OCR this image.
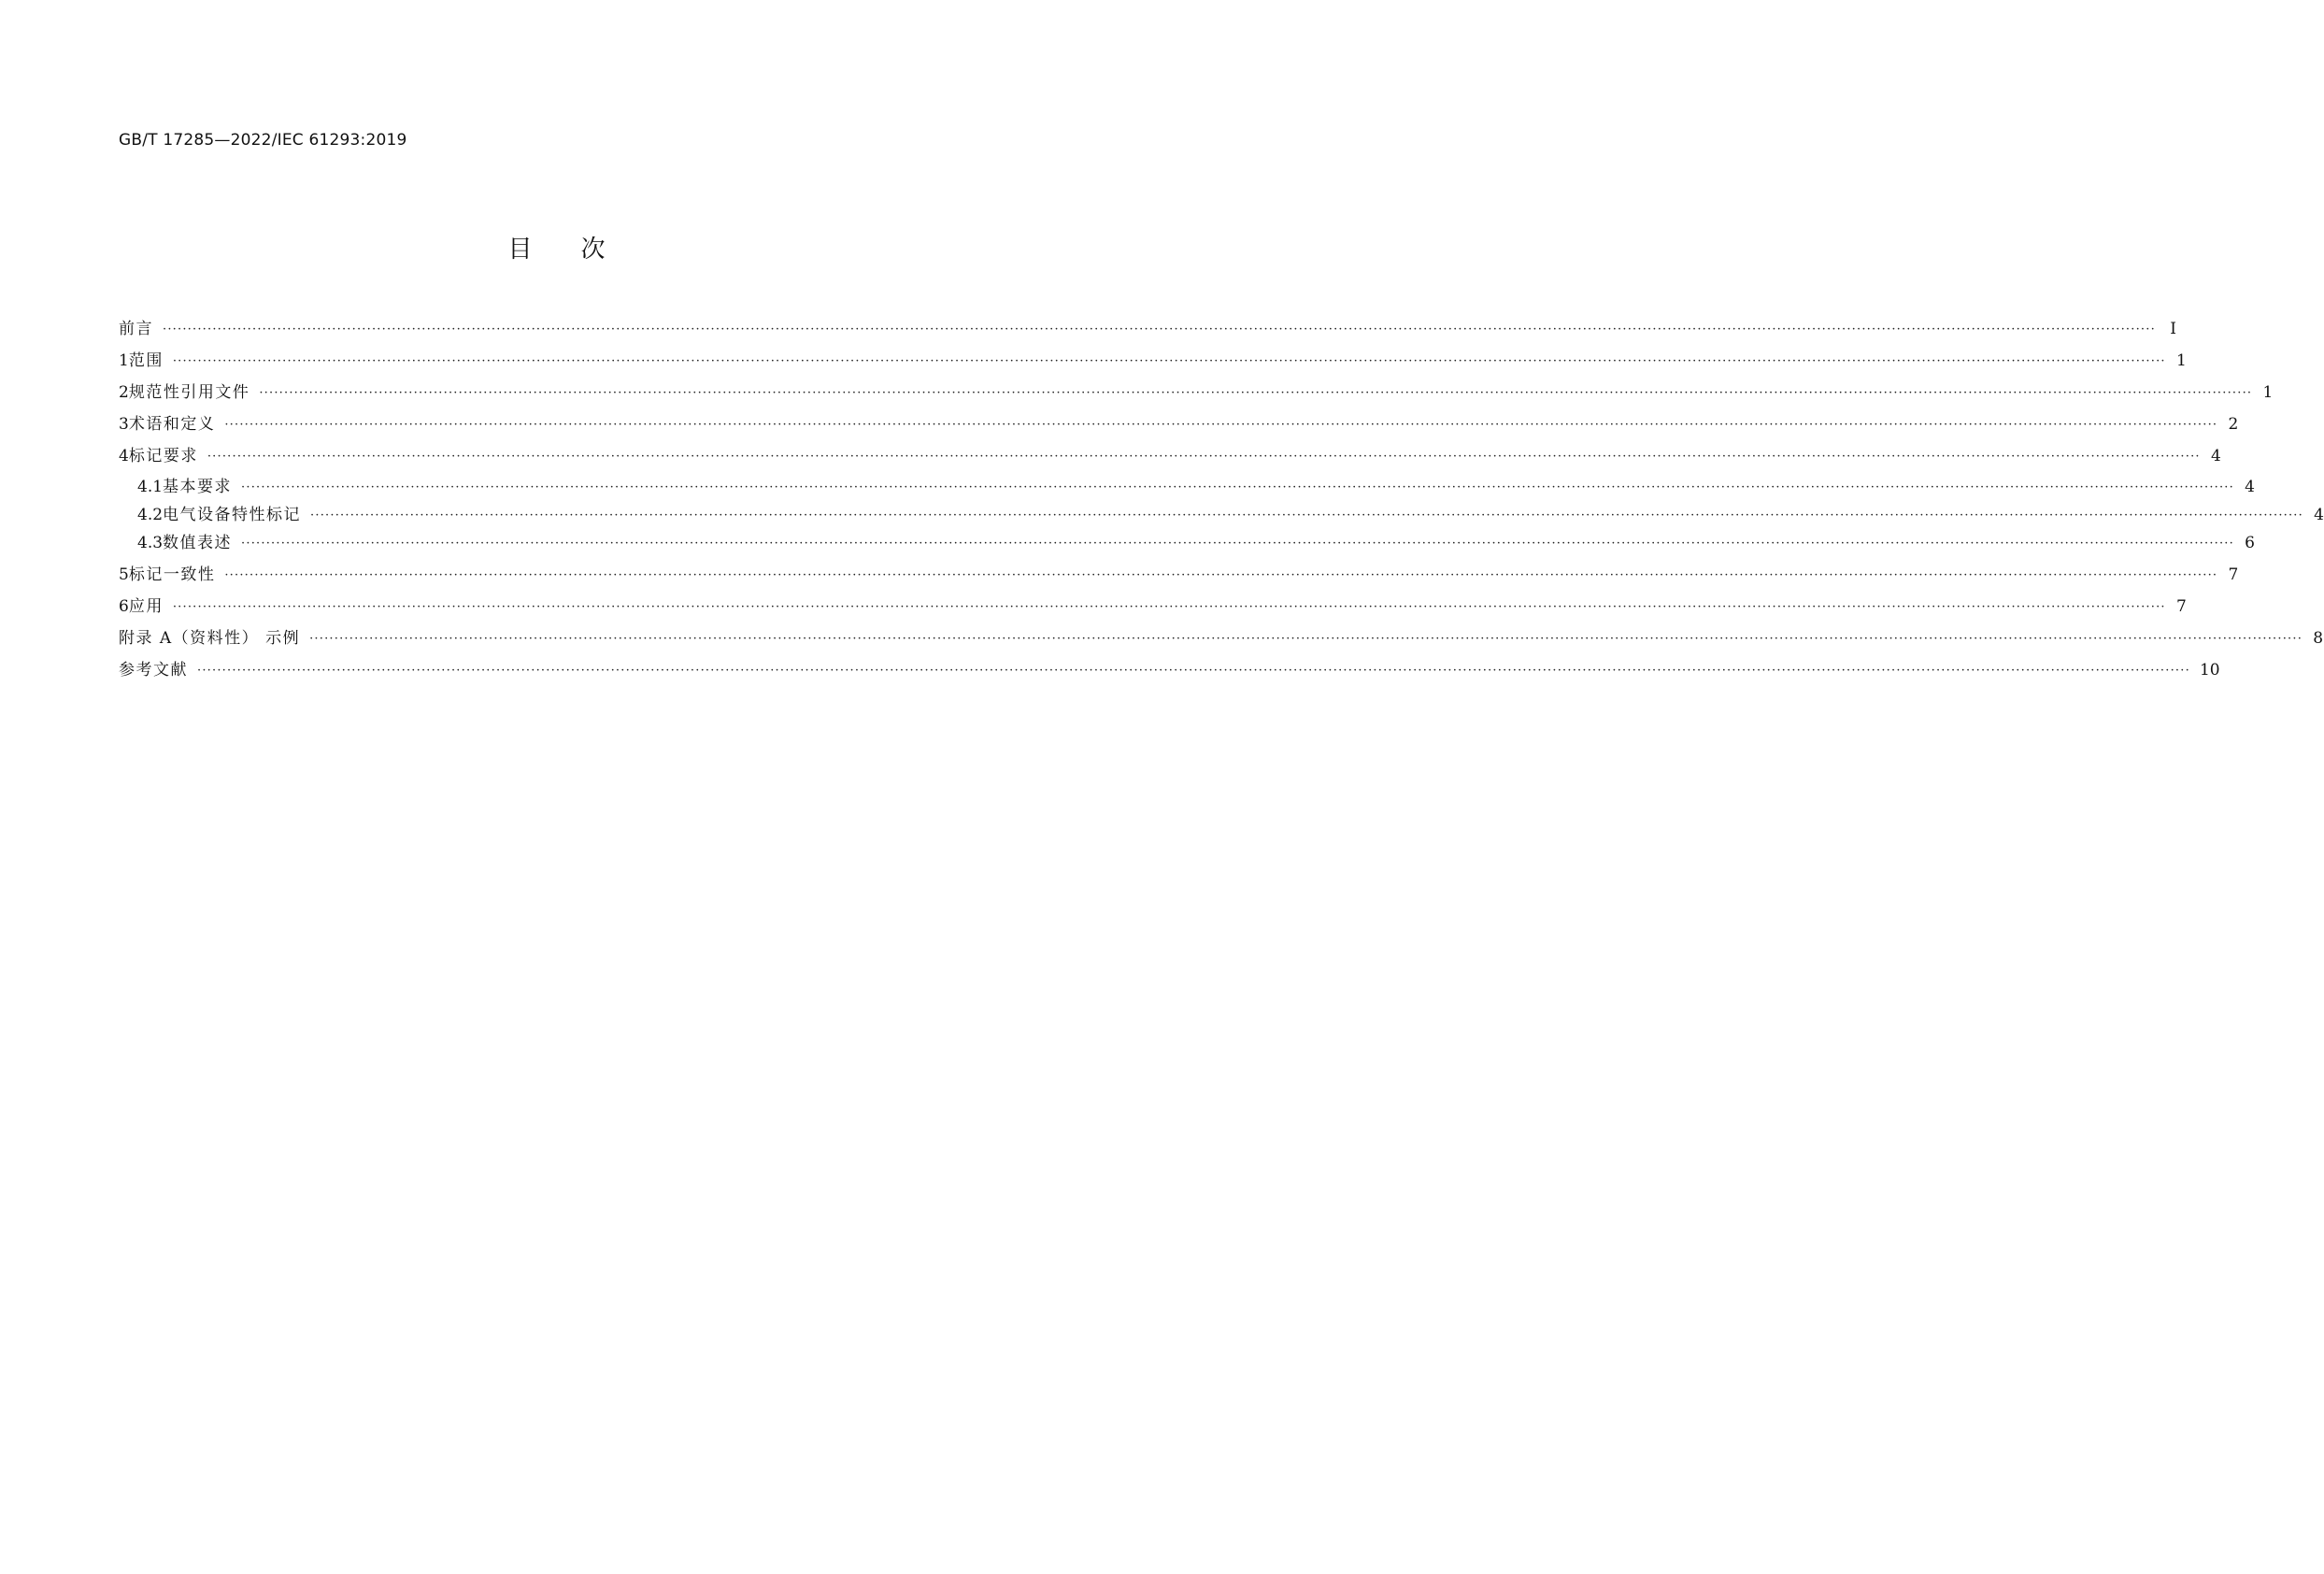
GB/T 17285—2022/IEC 61293:2019
目次
前言 ················································································································································································································································································································································································································ Ⅰ
1 范围 ················································································································································································································································································································································································································ 1
2 规范性引用文件 ················································································································································································································································································································································································································ 1
3 术语和定义 ················································································································································································································································································································································································································ 2
4 标记要求 ················································································································································································································································································································································································································ 4
4.1 基本要求 ················································································································································································································································································································································································································ 4
4.2 电气设备特性标记 ················································································································································································································································································································································································································ 4
4.3 数值表述 ················································································································································································································································································································································································································ 6
5 标记一致性 ················································································································································································································································································································································································································ 7
6 应用 ················································································································································································································································································································································································································ 7
附录 A（资料性） 示例 ················································································································································································································································································································································································································ 8
参考文献 ················································································································································································································································································································································································································ 10
